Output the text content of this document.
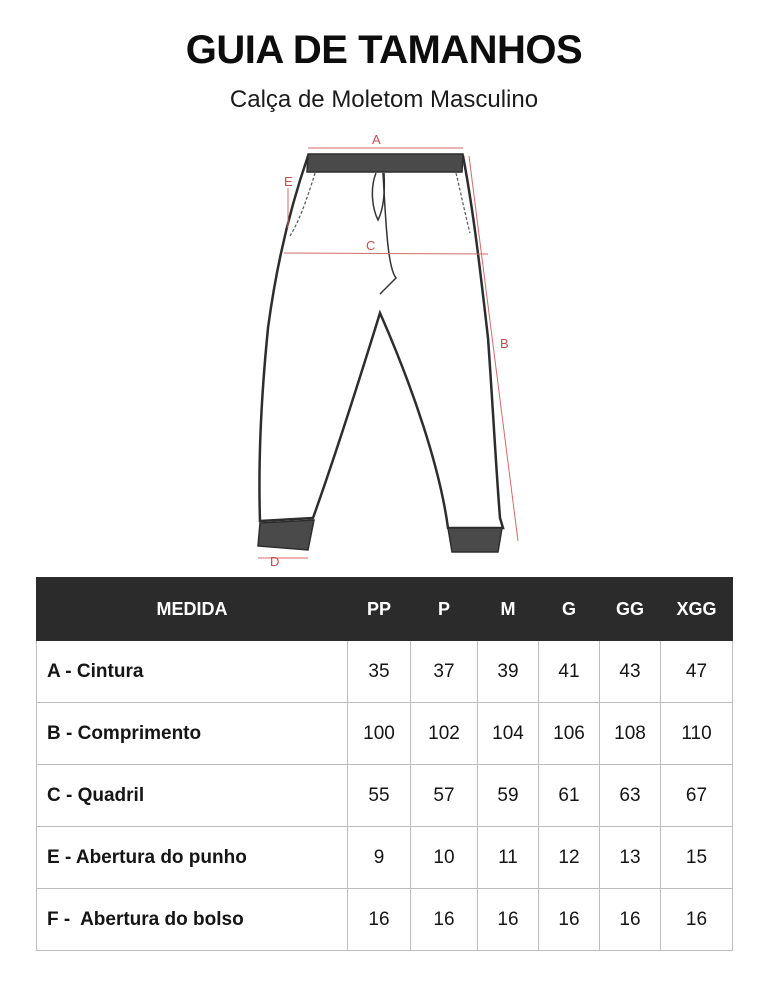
GUIA DE TAMANHOS
Calça de Moletom Masculino
A
E
C
B
D
MEDIDA	PP	P	M	G	GG	XGG
A - Cintura	35	37	39	41	43	47
B - Comprimento	100	102	104	106	108	110
C - Quadril	55	57	59	61	63	67
E - Abertura do punho	9	10	11	12	13	15
F -  Abertura do bolso	16	16	16	16	16	16
